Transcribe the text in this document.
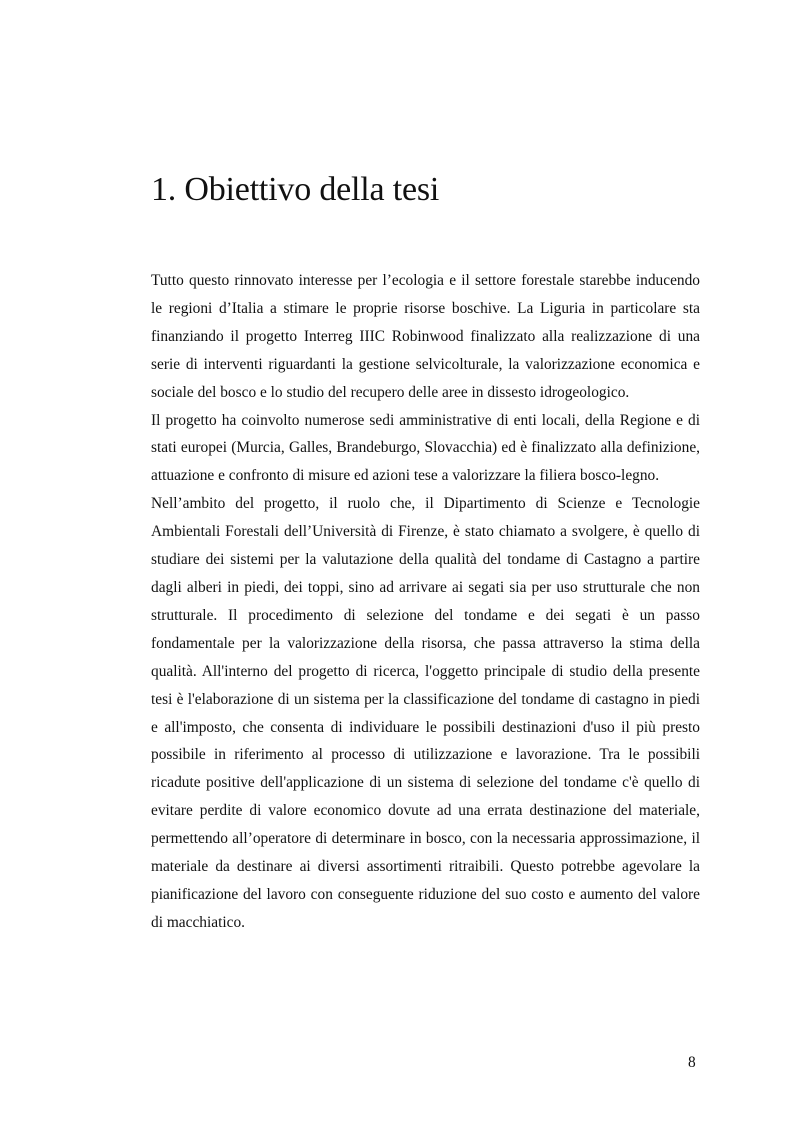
1. Obiettivo della tesi

Tutto questo rinnovato interesse per l’ecologia e il settore forestale starebbe inducendo le regioni d’Italia a stimare le proprie risorse boschive. La Liguria in particolare sta finanziando il progetto Interreg IIIC Robinwood finalizzato alla realizzazione di una serie di interventi riguardanti la gestione selvicolturale, la valorizzazione economica e sociale del bosco e lo studio del recupero delle aree in dissesto idrogeologico.

Il progetto ha coinvolto numerose sedi amministrative di enti locali, della Regione e di stati europei (Murcia, Galles, Brandeburgo, Slovacchia) ed è finalizzato alla definizione, attuazione e confronto di misure ed azioni tese a valorizzare la filiera bosco-legno.

Nell’ambito del progetto, il ruolo che, il Dipartimento di Scienze e Tecnologie Ambientali Forestali dell’Università di Firenze, è stato chiamato a svolgere, è quello di studiare dei sistemi per la valutazione della qualità del tondame di Castagno a partire dagli alberi in piedi, dei toppi, sino ad arrivare ai segati sia per uso strutturale che non strutturale. Il procedimento di selezione del tondame e dei segati è un passo fondamentale per la valorizzazione della risorsa, che passa attraverso la stima della qualità. All'interno del progetto di ricerca, l'oggetto principale di studio della presente tesi è l'elaborazione di un sistema per la classificazione del tondame di castagno in piedi e all'imposto, che consenta di individuare le possibili destinazioni d'uso il più presto possibile in riferimento al processo di utilizzazione e lavorazione. Tra le possibili ricadute positive dell'applicazione di un sistema di selezione del tondame c'è quello di evitare perdite di valore economico dovute ad una errata destinazione del materiale, permettendo all’operatore di determinare in bosco, con la necessaria approssimazione, il materiale da destinare ai diversi assortimenti ritraibili. Questo potrebbe agevolare la pianificazione del lavoro con conseguente riduzione del suo costo e aumento del valore di macchiatico.

8
